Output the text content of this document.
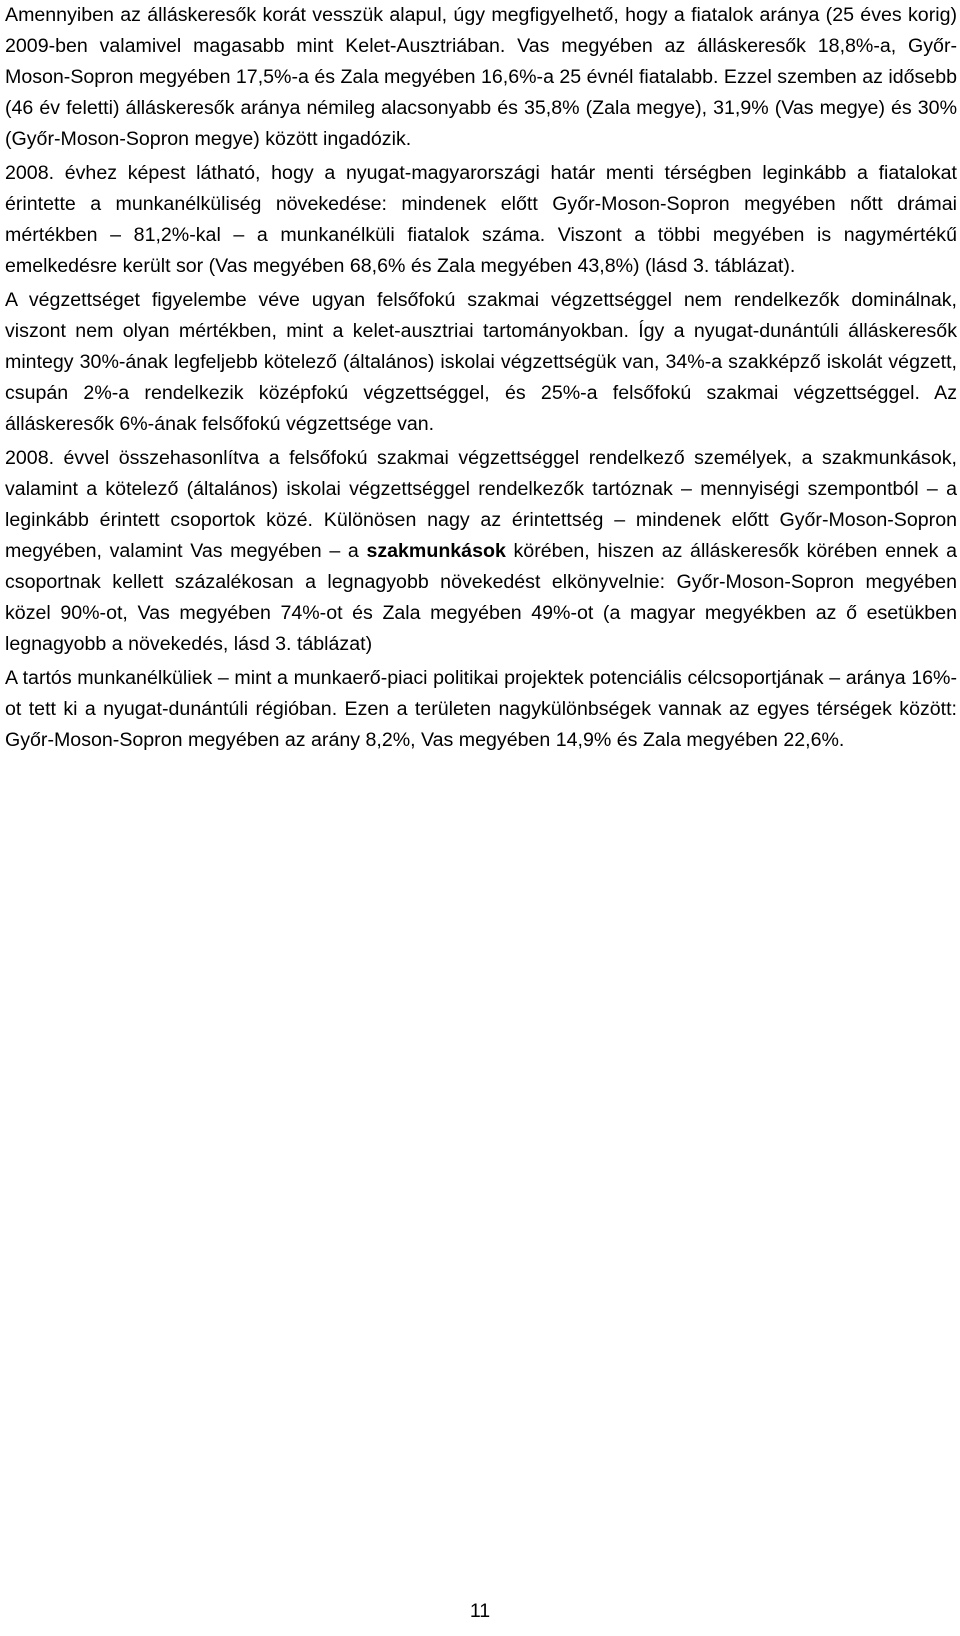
Amennyiben az álláskeresők korát vesszük alapul, úgy megfigyelhető, hogy a fiatalok aránya (25 éves korig) 2009-ben valamivel magasabb mint Kelet-Ausztriában. Vas megyében az álláskeresők 18,8%-a, Győr-Moson-Sopron megyében 17,5%-a és Zala megyében 16,6%-a 25 évnél fiatalabb. Ezzel szemben az idősebb (46 év feletti) álláskeresők aránya némileg alacsonyabb és 35,8% (Zala megye), 31,9% (Vas megye) és 30% (Győr-Moson-Sopron megye) között ingadózik.

2008. évhez képest látható, hogy a nyugat-magyarországi határ menti térségben leginkább a fiatalokat érintette a munkanélküliség növekedése: mindenek előtt Győr-Moson-Sopron megyében nőtt drámai mértékben – 81,2%-kal – a munkanélküli fiatalok száma. Viszont a többi megyében is nagymértékű emelkedésre került sor (Vas megyében 68,6% és Zala megyében 43,8%) (lásd 3. táblázat).

A végzettséget figyelembe véve ugyan felsőfokú szakmai végzettséggel nem rendelkezők dominálnak, viszont nem olyan mértékben, mint a kelet-ausztriai tartományokban. Így a nyugat-dunántúli álláskeresők mintegy 30%-ának legfeljebb kötelező (általános) iskolai végzettségük van, 34%-a szakképző iskolát végzett, csupán 2%-a rendelkezik középfokú végzettséggel, és 25%-a felsőfokú szakmai végzettséggel. Az álláskeresők 6%-ának felsőfokú végzettsége van.

2008. évvel összehasonlítva a felsőfokú szakmai végzettséggel rendelkező személyek, a szakmunkások, valamint a kötelező (általános) iskolai végzettséggel rendelkezők tartóznak – mennyiségi szempontból – a leginkább érintett csoportok közé. Különösen nagy az érintettség – mindenek előtt Győr-Moson-Sopron megyében, valamint Vas megyében – a szakmunkások körében, hiszen az álláskeresők körében ennek a csoportnak kellett százalékosan a legnagyobb növekedést elkönyvelnie: Győr-Moson-Sopron megyében közel 90%-ot, Vas megyében 74%-ot és Zala megyében 49%-ot (a magyar megyékben az ő esetükben legnagyobb a növekedés, lásd 3. táblázat)

A tartós munkanélküliek – mint a munkaerő-piaci politikai projektek potenciális célcsoportjának – aránya 16%-ot tett ki a nyugat-dunántúli régióban. Ezen a területen nagykülönbségek vannak az egyes térségek között: Győr-Moson-Sopron megyében az arány 8,2%, Vas megyében 14,9% és Zala megyében 22,6%.

11
